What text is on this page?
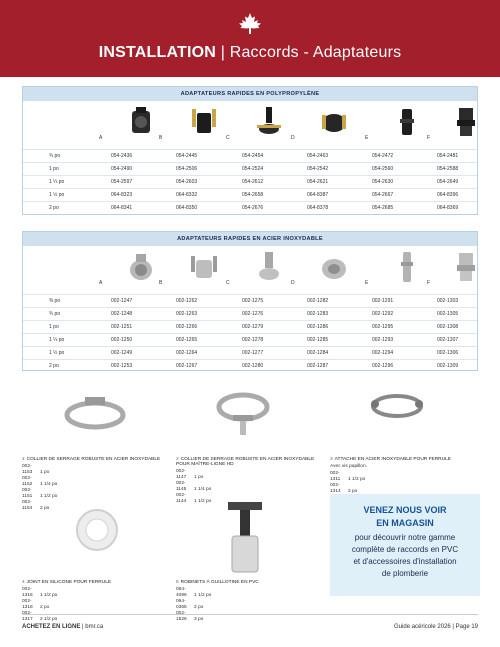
INSTALLATION | Raccords - Adaptateurs
ADAPTATEURS RAPIDES EN POLYPROPYLÈNE
A	B	C	D	E	F
¾ po	054-2436	054-2445	054-2454	054-2463	054-2472	054-2481
1 po	054-2490	054-2506	054-2524	054-2542	054-2560	054-2588
1 ¼ po	054-2597	054-2603	054-2612	054-2621	054-2630	054-2649
1 ½ po	064-8323	064-8332	054-2658	064-8387	054-2667	064-8396
2 po	064-8341	064-8350	054-2676	064-8378	054-2685	064-8369
ADAPTATEURS RAPIDES EN ACIER INOXYDABLE
A	B	C	D	E	F
⅜ po	002-1247	002-1262	002-1275	002-1282	002-1291	002-1303
¾ po	002-1248	002-1263	002-1276	002-1283	002-1292	002-1305
1 po	002-1251	002-1266	002-1279	002-1286	002-1295	002-1308
1 ¼ po	002-1250	002-1265	002-1278	002-1285	002-1293	002-1307
1 ½ po	002-1249	002-1264	002-1277	002-1284	002-1294	002-1306
2 po	002-1253	002-1267	002-1280	002-1287	002-1296	002-1309
1 COLLIER DE SERRAGE ROBUSTE EN ACIER INOXYDABLE
002-1153 1 po
002-1152 1 1/4 po
002-1151 1 1/2 po
002-1154 2 po
2 COLLIER DE SERRAGE ROBUSTE EN ACIER INOXYDABLE POUR MAÎTRE-LIGNE HD
002-1147 1 po
002-1145 1 1/4 po
002-1144 1 1/2 po
3 ATTACHE EN ACIER INOXYDABLE POUR FERRULE
Avec vis papillon.
002-1311 1 1/2 po
002-1314 2 po
4 JOINT EN SILICONE POUR FERRULE
002-1316 1 1/2 po
002-1318 2 po
1317 2 1/2 po
5 ROBINETS À GUILLOTINE EN PVC
064-4086 1 1/2 po
064-0365 2 po
1526 3 po
VENEZ NOUS VOIR
EN MAGASIN
pour découvrir notre gamme
complète de raccords en PVC
et d'accessoires d'installation
de plomberie
ACHETEZ EN LIGNE | bmr.ca	Guide acéricole 2026 | Page 19
